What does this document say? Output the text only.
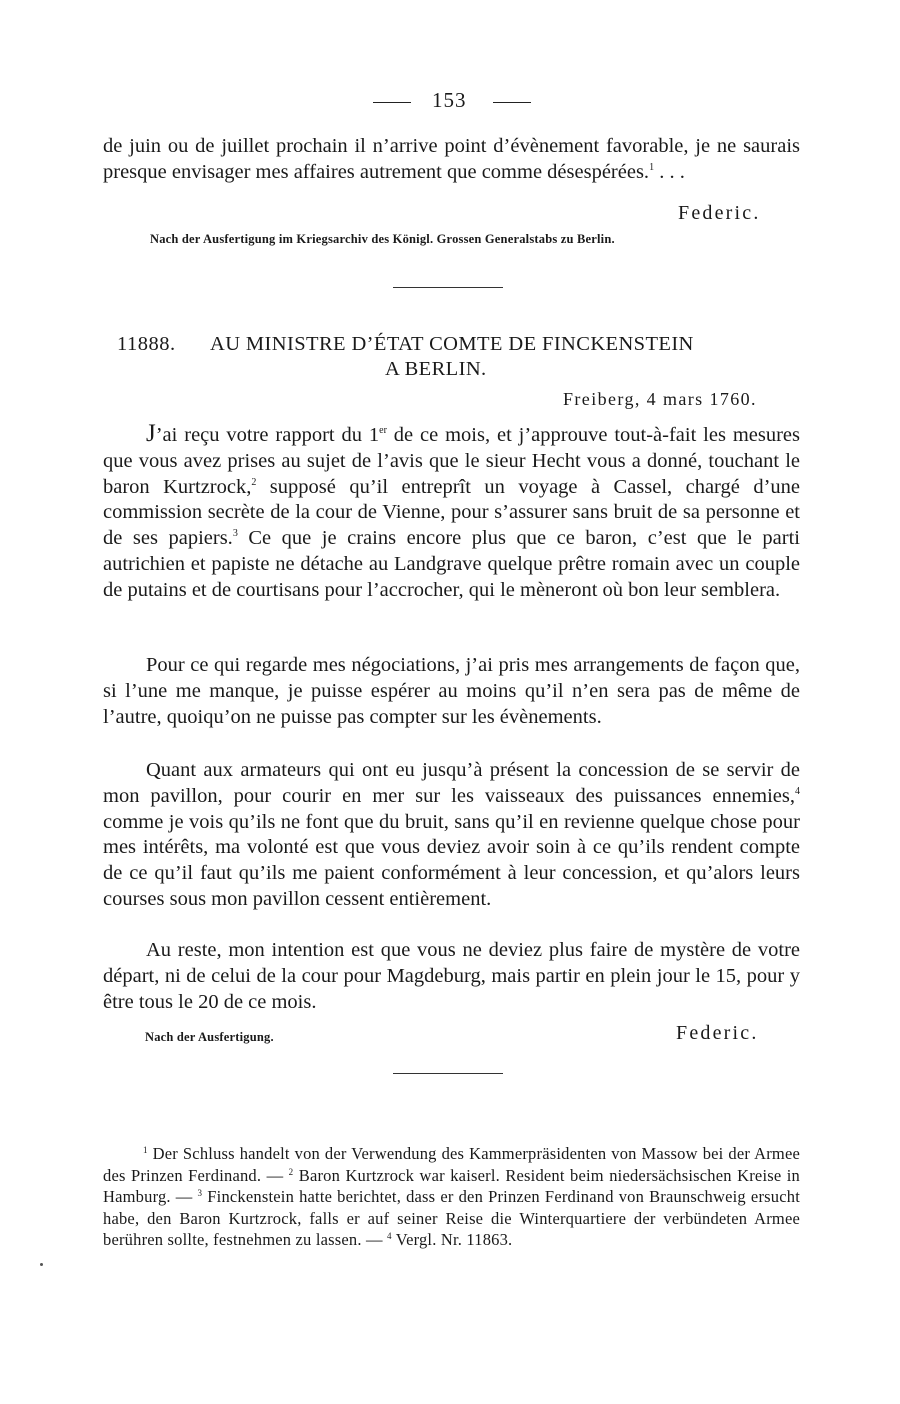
153

de juin ou de juillet prochain il n’arrive point d’évènement favorable, je ne saurais presque envisager mes affaires autrement que comme désespérées.$^1$ . . .

Federic.
Nach der Ausfertigung im Kriegsarchiv des Königl. Grossen Generalstabs zu Berlin.
11888. AU MINISTRE D’ÉTAT COMTE DE FINCKENSTEIN
A BERLIN.
Freiberg, 4 mars 1760.

J’ai reçu votre rapport du 1er de ce mois, et j’approuve tout-à-fait les mesures que vous avez prises au sujet de l’avis que le sieur Hecht vous a donné, touchant le baron Kurtzrock,$^2$ supposé qu’il entreprît un voyage à Cassel, chargé d’une commission secrète de la cour de Vienne, pour s’assurer sans bruit de sa personne et de ses papiers.$^3$ Ce que je crains encore plus que ce baron, c’est que le parti autrichien et papiste ne détache au Landgrave quelque prêtre romain avec un couple de putains et de courtisans pour l’accrocher, qui le mèneront où bon leur semblera.

Pour ce qui regarde mes négociations, j’ai pris mes arrangements de façon que, si l’une me manque, je puisse espérer au moins qu’il n’en sera pas de même de l’autre, quoiqu’on ne puisse pas compter sur les évènements.

Quant aux armateurs qui ont eu jusqu’à présent la concession de se servir de mon pavillon, pour courir en mer sur les vaisseaux des puissances ennemies,$^4$ comme je vois qu’ils ne font que du bruit, sans qu’il en revienne quelque chose pour mes intérêts, ma volonté est que vous deviez avoir soin à ce qu’ils rendent compte de ce qu’il faut qu’ils me paient conformément à leur concession, et qu’alors leurs courses sous mon pavillon cessent entièrement.

Au reste, mon intention est que vous ne deviez plus faire de mystère de votre départ, ni de celui de la cour pour Magdeburg, mais partir en plein jour le 15, pour y être tous le 20 de ce mois.

Nach der Ausfertigung.	Federic.

$^1$ Der Schluss handelt von der Verwendung des Kammerpräsidenten von Massow bei der Armee des Prinzen Ferdinand. — $^2$ Baron Kurtzrock war kaiserl. Resident beim niedersächsischen Kreise in Hamburg. — $^3$ Finckenstein hatte berichtet, dass er den Prinzen Ferdinand von Braunschweig ersucht habe, den Baron Kurtzrock, falls er auf seiner Reise die Winterquartiere der verbündeten Armee berühren sollte, festnehmen zu lassen. — $^4$ Vergl. Nr. 11863.
